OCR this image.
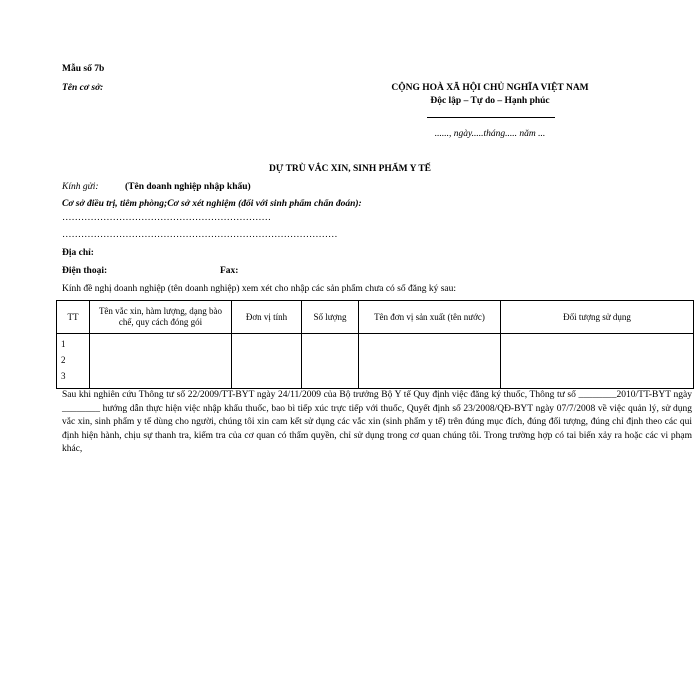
Mẫu số 7b
Tên cơ sở:	CỘNG HOÀ XÃ HỘI CHỦ NGHĨA VIỆT NAM
Độc lập – Tự do – Hạnh phúc
......, ngày.....tháng..... năm ...
DỰ TRÙ VẮC XIN, SINH PHẨM Y TẾ
Kính gửi:	(Tên doanh nghiệp nhập khẩu)
Cơ sở điều trị, tiêm phòng;Cơ sở xét nghiệm (đối với sinh phẩm chẩn đoán):
…………………………………………………………
……………………………………………………………………………
Địa chỉ:
Điện thoại:	Fax:
Kính đề nghị doanh nghiệp (tên doanh nghiệp) xem xét cho nhập các sản phẩm chưa có số đăng ký sau:
TT	Tên vắc xin, hàm lượng, dạng bào chế, quy cách đóng gói	Đơn vị tính	Số lượng	Tên đơn vị sản xuất (tên nước)	Đối tượng sử dụng

1
2
3					

Sau khi nghiên cứu Thông tư số 22/2009/TT-BYT ngày 24/11/2009 của Bộ trưởng Bộ Y tế Quy định việc đăng ký thuốc, Thông tư số ________2010/TT-BYT ngày ________ hướng dẫn thực hiện việc nhập khẩu thuốc, bao bì tiếp xúc trực tiếp với thuốc, Quyết định số 23/2008/QĐ-BYT ngày 07/7/2008 về việc quản lý, sử dụng vắc xin, sinh phẩm y tế dùng cho người, chúng tôi xin cam kết sử dụng các vắc xin (sinh phẩm y tế) trên đúng mục đích, đúng đối tượng, đúng chỉ định theo các qui định hiện hành, chịu sự thanh tra, kiểm tra của cơ quan có thẩm quyền, chỉ sử dụng trong cơ quan chúng tôi. Trong trường hợp có tai biến xảy ra hoặc các vi phạm khác,
